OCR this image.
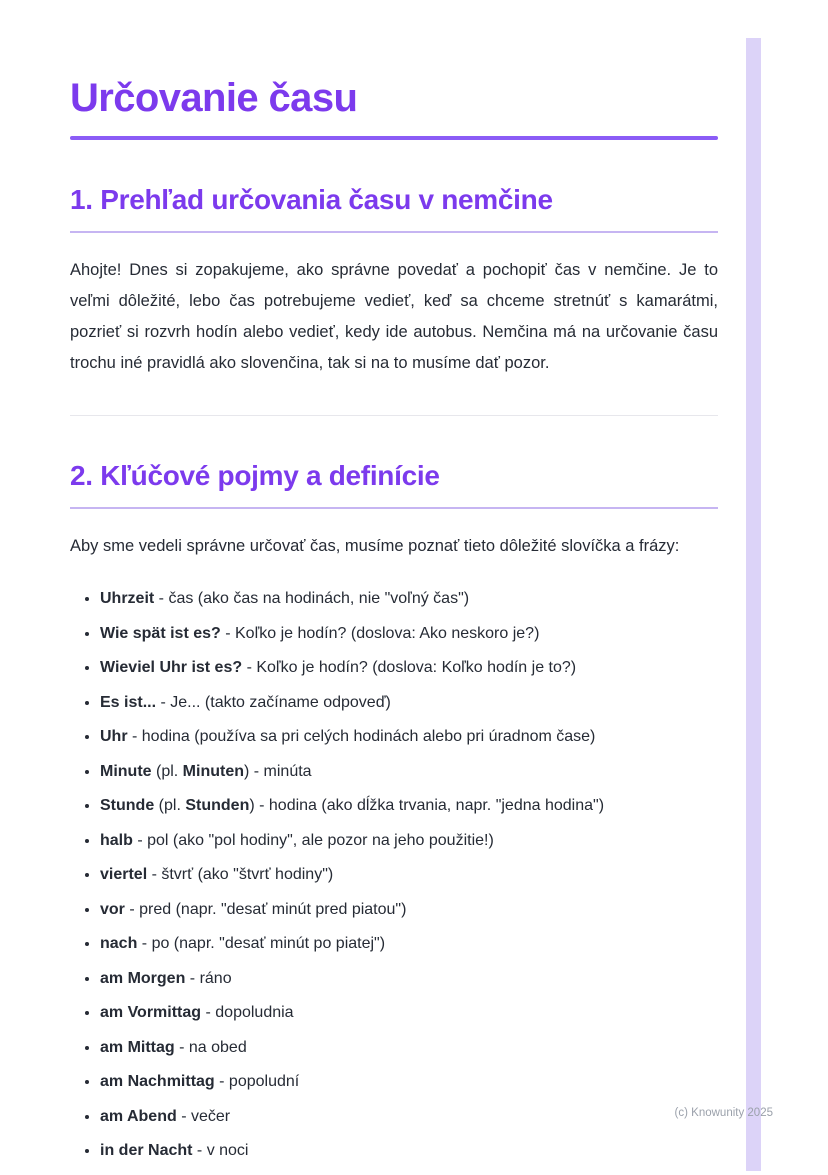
Určovanie času
1. Prehľad určovania času v nemčine

Ahojte! Dnes si zopakujeme, ako správne povedať a pochopiť čas v nemčine. Je to veľmi dôležité, lebo čas potrebujeme vedieť, keď sa chceme stretnúť s kamarátmi, pozrieť si rozvrh hodín alebo vedieť, kedy ide autobus. Nemčina má na určovanie času trochu iné pravidlá ako slovenčina, tak si na to musíme dať pozor.

2. Kľúčové pojmy a definície

Aby sme vedeli správne určovať čas, musíme poznať tieto dôležité slovíčka a frázy:

• Uhrzeit - čas (ako čas na hodinách, nie "voľný čas")
• Wie spät ist es? - Koľko je hodín? (doslova: Ako neskoro je?)
• Wieviel Uhr ist es? - Koľko je hodín? (doslova: Koľko hodín je to?)
• Es ist... - Je... (takto začíname odpoveď)
• Uhr - hodina (používa sa pri celých hodinách alebo pri úradnom čase)
• Minute (pl. Minuten) - minúta
• Stunde (pl. Stunden) - hodina (ako dĺžka trvania, napr. "jedna hodina")
• halb - pol (ako "pol hodiny", ale pozor na jeho použitie!)
• viertel - štvrť (ako "štvrť hodiny")
• vor - pred (napr. "desať minút pred piatou")
• nach - po (napr. "desať minút po piatej")
• am Morgen - ráno
• am Vormittag - dopoludnia
• am Mittag - na obed
• am Nachmittag - popoludní
• am Abend - večer
• in der Nacht - v noci
(c) Knowunity 2025
